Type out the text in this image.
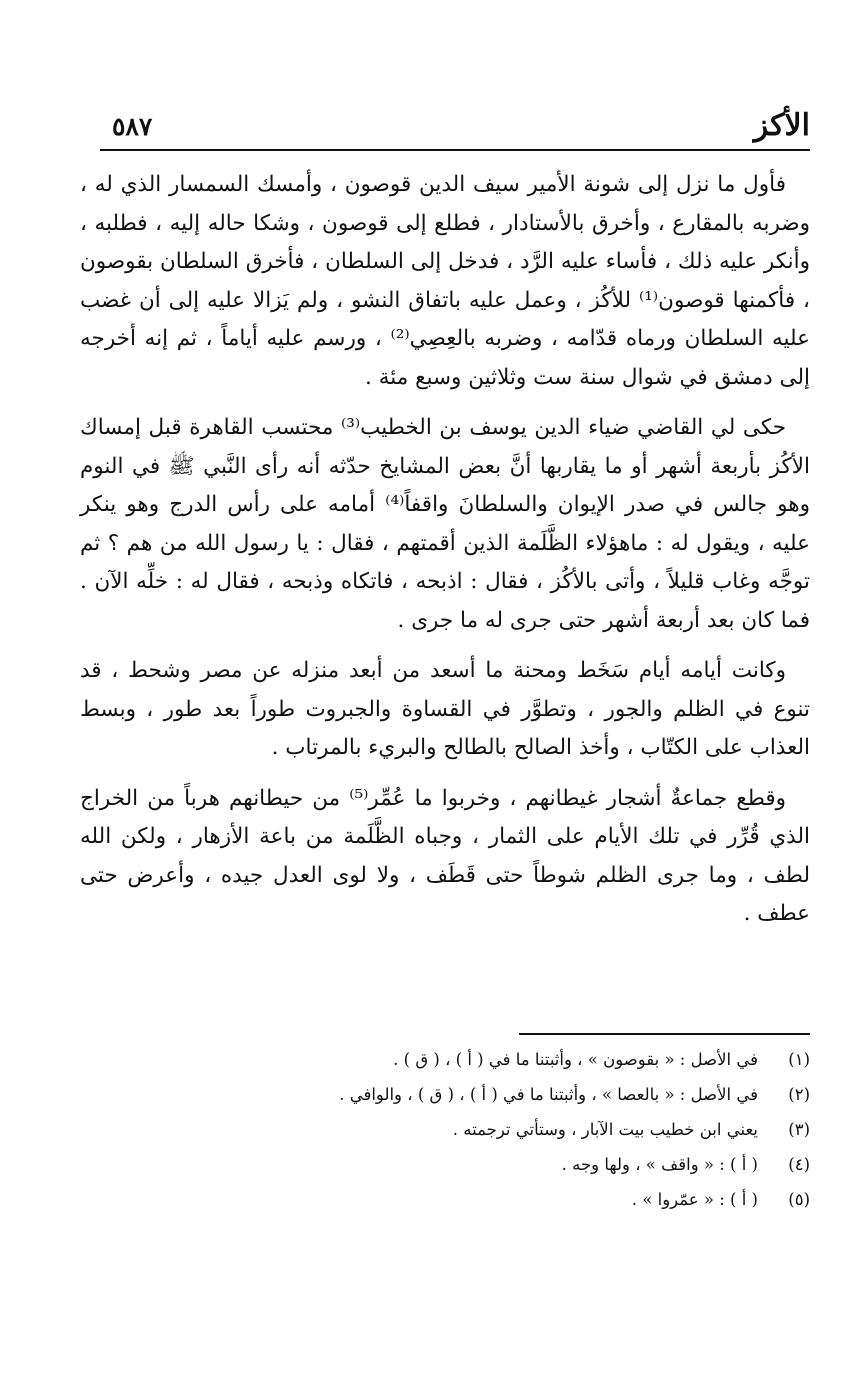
الأكز
٥٨٧

فأول ما نزل إلى شونة الأمير سيف الدين قوصون ، وأمسك السمسار الذي له ، وضربه بالمقارع ، وأخرق بالأستادار ، فطلع إلى قوصون ، وشكا حاله إليه ، فطلبه ، وأنكر عليه ذلك ، فأساء عليه الرَّد ، فدخل إلى السلطان ، فأخرق السلطان بقوصون ، فأكمنها قوصون⁽¹⁾ للأكُز ، وعمل عليه باتفاق النشو ، ولم يَزالا عليه إلى أن غضب عليه السلطان ورماه قدّامه ، وضربه بالعِصِي⁽²⁾ ، ورسم عليه أياماً ، ثم إنه أخرجه إلى دمشق في شوال سنة ست وثلاثين وسبع مئة .

حكى لي القاضي ضياء الدين يوسف بن الخطيب⁽³⁾ محتسب القاهرة قبل إمساك الأكُز بأربعة أشهر أو ما يقاربها أنَّ بعض المشايخ حدّثه أنه رأى النَّبي ﷺ في النوم وهو جالس في صدر الإيوان والسلطانَ واقفاً⁽⁴⁾ أمامه على رأس الدرج وهو ينكر عليه ، ويقول له : ماهؤلاء الظَّلَمة الذين أقمتهم ، فقال : يا رسول الله من هم ؟ ثم توجَّه وغاب قليلاً ، وأتى بالأكُز ، فقال : اذبحه ، فاتكاه وذبحه ، فقال له : خلِّه الآن . فما كان بعد أربعة أشهر حتى جرى له ما جرى .

وكانت أيامه أيام سَخَط ومحنة ما أسعد من أبعد منزله عن مصر وشحط ، قد تنوع في الظلم والجور ، وتطوَّر في القساوة والجبروت طوراً بعد طور ، وبسط العذاب على الكتّاب ، وأخذ الصالح بالطالح والبريء بالمرتاب .

وقطع جماعةٌ أشجار غيطانهم ، وخربوا ما عُمِّر⁽⁵⁾ من حيطانهم هرباً من الخراج الذي قُرِّر في تلك الأيام على الثمار ، وجباه الظَّلَمة من باعة الأزهار ، ولكن الله لطف ، وما جرى الظلم شوطاً حتى قَطَف ، ولا لوى العدل جيده ، وأعرض حتى عطف .

(١)
في الأصل : « بقوصون » ، وأثبتنا ما في ( أ ) ، ( ق ) .
(٢)
في الأصل : « بالعصا » ، وأثبتنا ما في ( أ ) ، ( ق ) ، والوافي .
(٣)
يعني ابن خطيب بيت الآبار ، وستأتي ترجمته .
(٤)
( أ ) : « واقف » ، ولها وجه .
(٥)
( أ ) : « عمّروا » .
